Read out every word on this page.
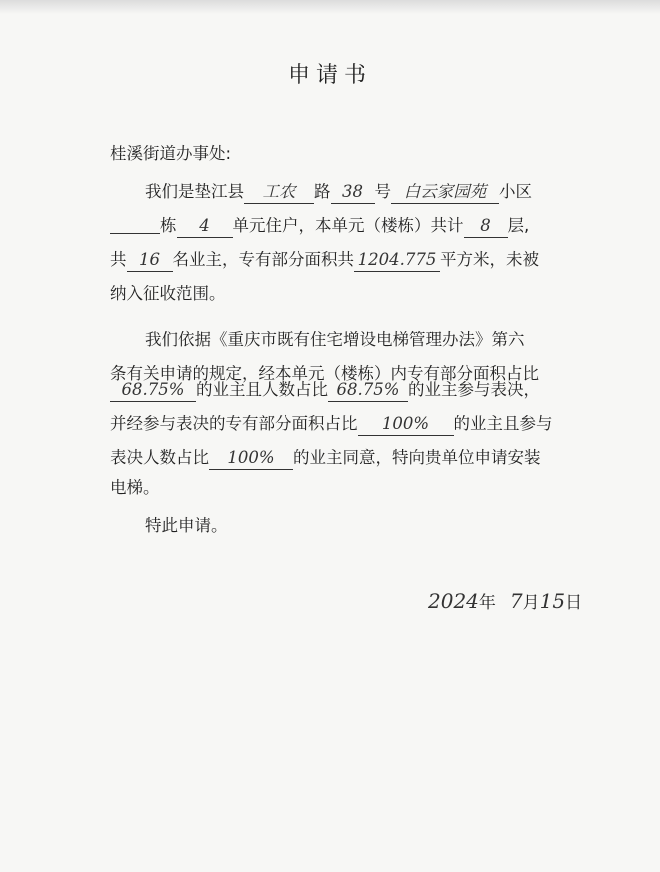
申请书
桂溪街道办事处:
我们是垫江县 工农 路 38 号 白云家园苑 小区
栋 4 单元住户，本单元（楼栋）共计 8 层,
共 16 名业主，专有部分面积共 1204.775 平方米，未被
纳入征收范围。
我们依据《重庆市既有住宅增设电梯管理办法》第六
条有关申请的规定，经本单元（楼栋）内专有部分面积占比
68.75% 的业主且人数占比 68.75% 的业主参与表决，
并经参与表决的专有部分面积占比 100% 的业主且参与
表决人数占比 100% 的业主同意，特向贵单位申请安装
电梯。
特此申请。
2024年 7月15日
